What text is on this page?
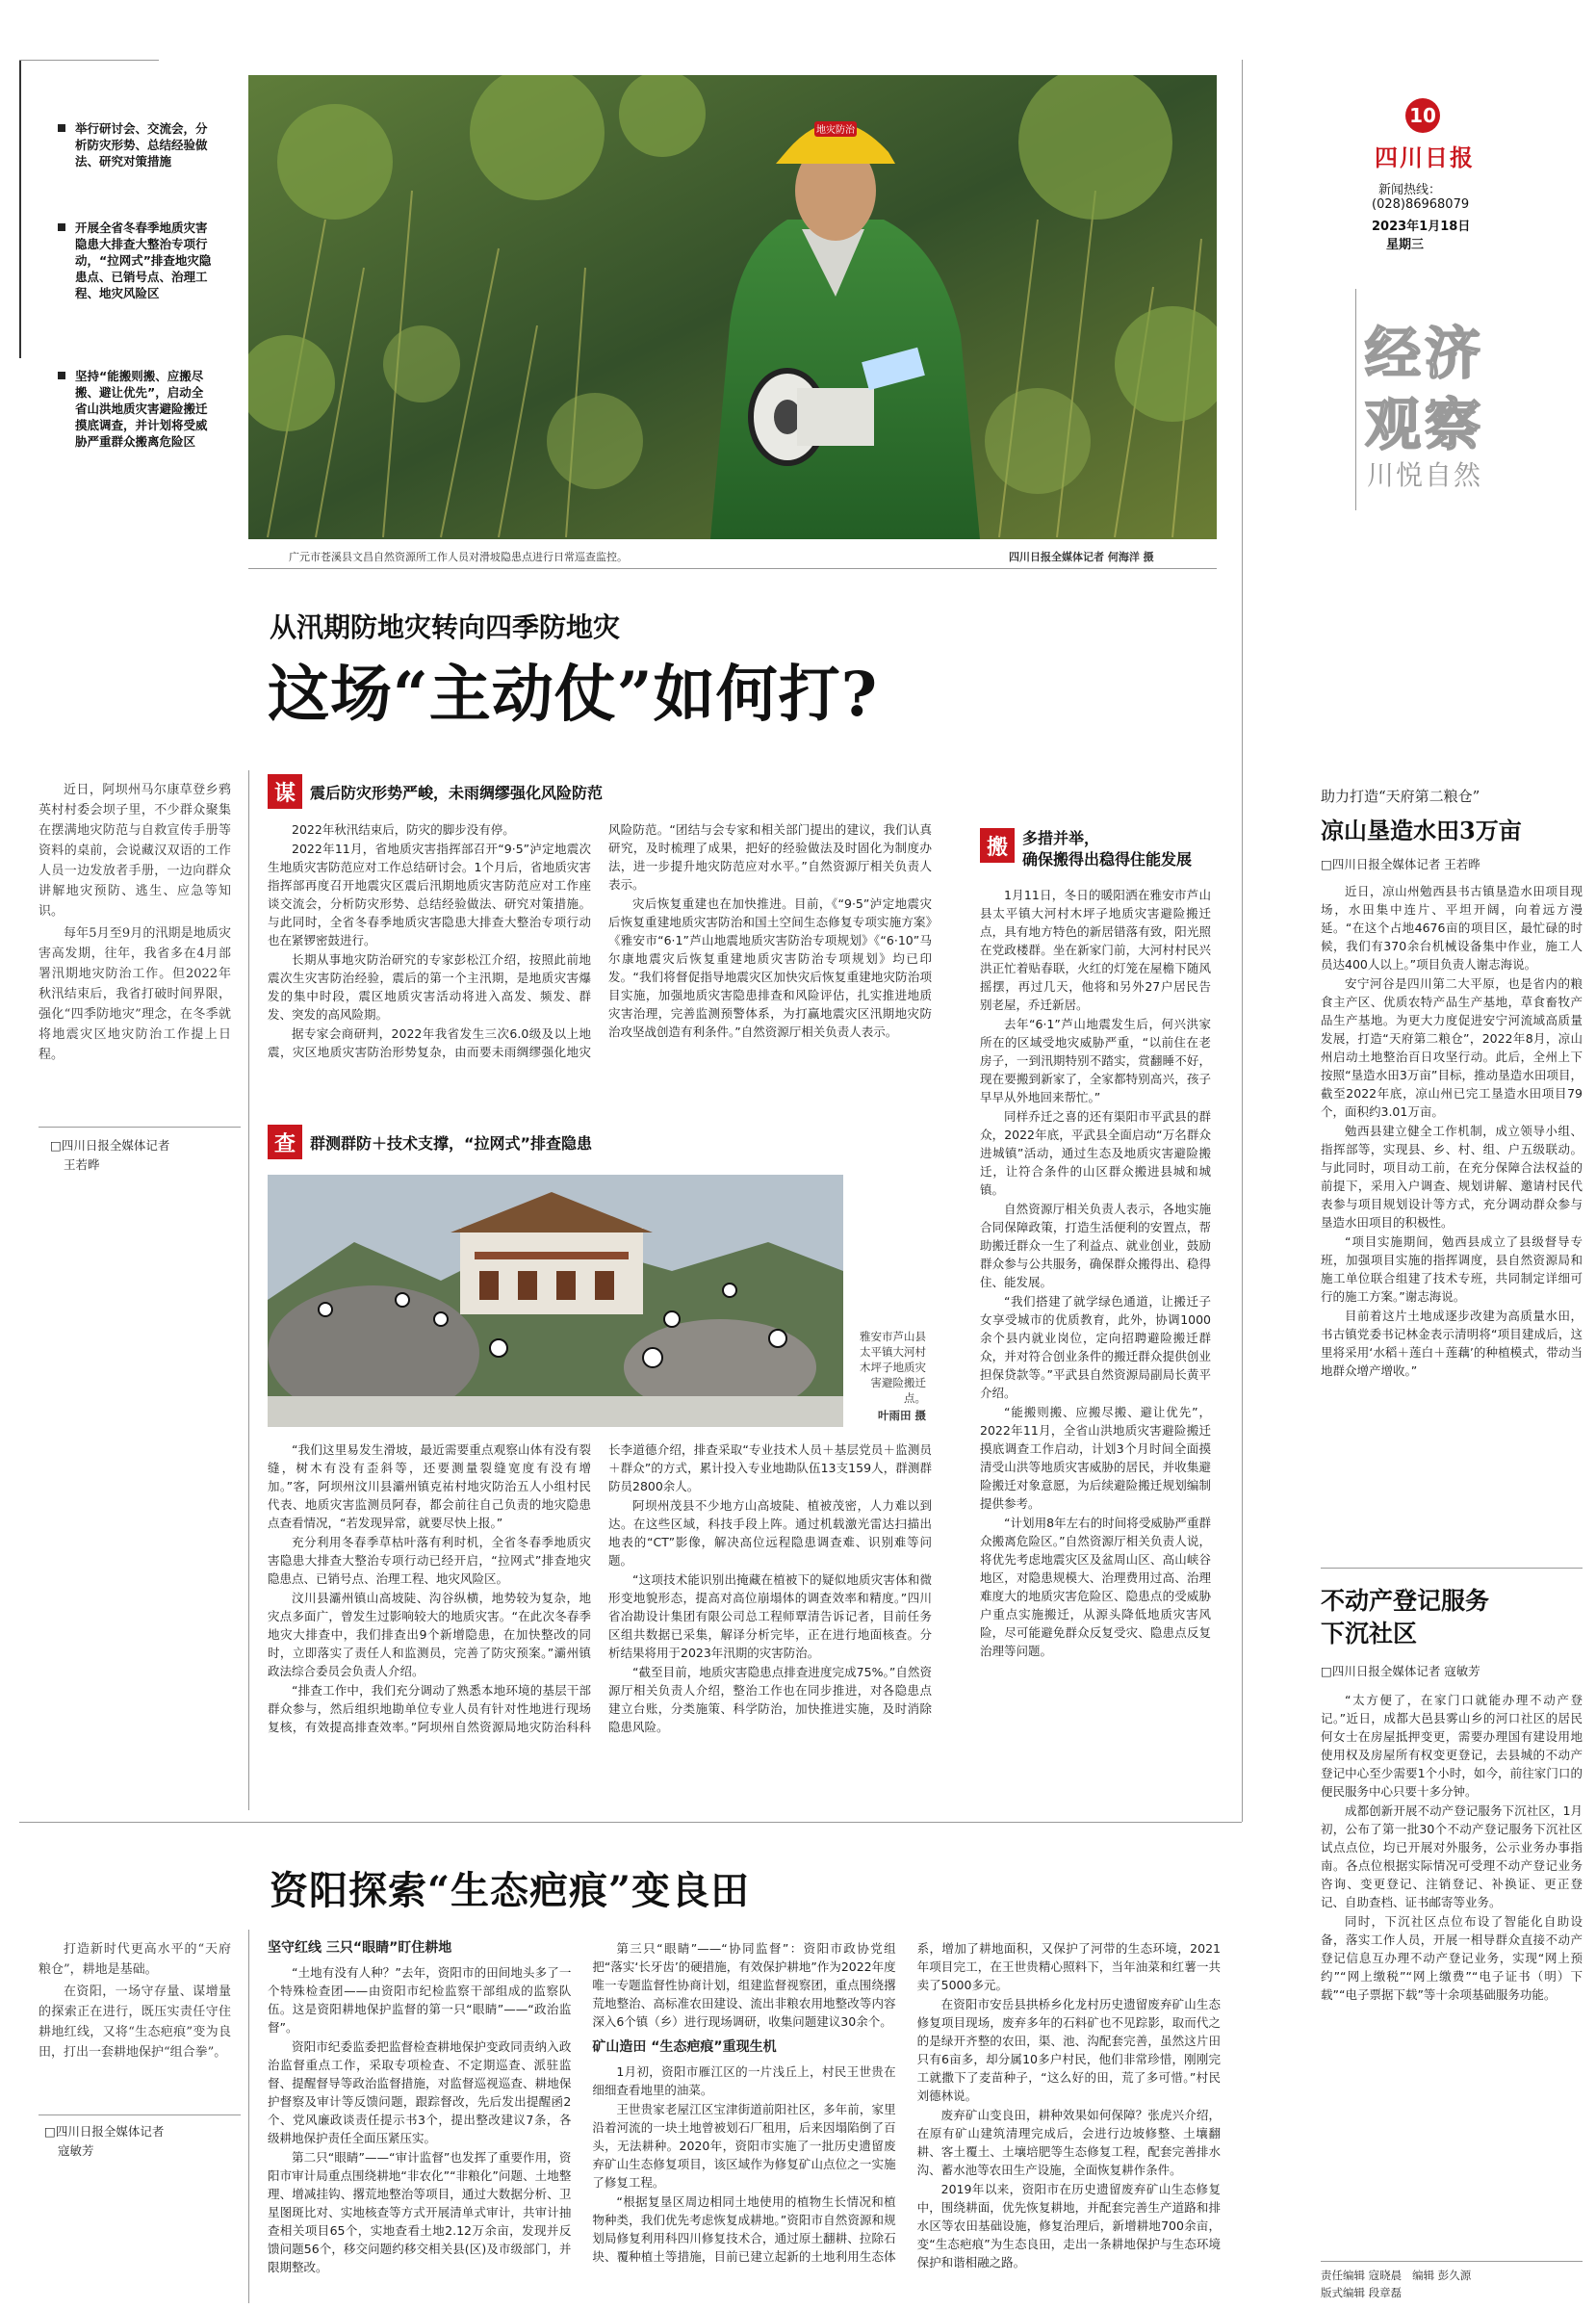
举行研讨会、交流会，分析防灾形势、总结经验做法、研究对策措施
开展全省冬春季地质灾害隐患大排查大整治专项行动，“拉网式”排查地灾隐患点、已销号点、治理工程、地灾风险区
坚持“能搬则搬、应搬尽搬、避让优先”，启动全省山洪地质灾害避险搬迁摸底调查，并计划将受威胁严重群众搬离危险区
地灾防治
广元市苍溪县文昌自然资源所工作人员对滑坡隐患点进行日常巡查监控。	四川日报全媒体记者 何海洋 摄
10
四川日报
新闻热线：
(028)86968079
2023年1月18日
星期三
经济
观察
川悦自然
从汛期防地灾转向四季防地灾
这场“主动仗”如何打?

近日，阿坝州马尔康草登乡鸦英村村委会坝子里，不少群众聚集在摆满地灾防范与自救宣传手册等资料的桌前，会说藏汉双语的工作人员一边发放者手册，一边向群众讲解地灾预防、逃生、应急等知识。

每年5月至9月的汛期是地质灾害高发期，往年，我省多在4月部署汛期地灾防治工作。但2022年秋汛结束后，我省打破时间界限，强化“四季防地灾”理念，在冬季就将地震灾区地灾防治工作提上日程。

□ 四川日报全媒体记者
王若晔
谋 震后防灾形势严峻，未雨绸缪强化风险防范

2022年秋汛结束后，防灾的脚步没有停。

2022年11月，省地质灾害指挥部召开“9·5”泸定地震次生地质灾害防范应对工作总结研讨会。1个月后，省地质灾害指挥部再度召开地震灾区震后汛期地质灾害防范应对工作座谈交流会，分析防灾形势、总结经验做法、研究对策措施。与此同时，全省冬春季地质灾害隐患大排查大整治专项行动也在紧锣密鼓进行。

长期从事地灾防治研究的专家彭松江介绍，按照此前地震次生灾害防治经验，震后的第一个主汛期，是地质灾害爆发的集中时段，震区地质灾害活动将进入高发、频发、群发、突发的高风险期。

据专家会商研判，2022年我省发生三次6.0级及以上地震，灾区地质灾害防治形势复杂，由而要未雨绸缪强化地灾风险防范。“团结与会专家和相关部门提出的建议，我们认真研究，及时梳理了成果，把好的经验做法及时固化为制度办法，进一步提升地灾防范应对水平。”自然资源厅相关负责人表示。

灾后恢复重建也在加快推进。目前，《“9·5”泸定地震灾后恢复重建地质灾害防治和国土空间生态修复专项实施方案》《雅安市“6·1”芦山地震地质灾害防治专项规划》《“6·10”马尔康地震灾后恢复重建地质灾害防治专项规划》均已印发。“我们将督促指导地震灾区加快灾后恢复重建地灾防治项目实施，加强地质灾害隐患排查和风险评估，扎实推进地质灾害治理，完善监测预警体系，为打赢地震灾区汛期地灾防治攻坚战创造有利条件。”自然资源厅相关负责人表示。

查 群测群防＋技术支撑，“拉网式”排查隐患
雅安市芦山县太平镇大河村木坪子地质灾害避险搬迁点。
叶雨田 摄

“我们这里易发生滑坡，最近需要重点观察山体有没有裂缝，树木有没有歪斜等，还要测量裂缝宽度有没有增加。”客，阿坝州汶川县灞州镇克祐村地灾防治五人小组村民代表、地质灾害监测员阿春，都会前往自己负责的地灾隐患点查看情况，“若发现异常，就要尽快上报。”

充分利用冬春季草枯叶落有利时机，全省冬春季地质灾害隐患大排查大整治专项行动已经开启，“拉网式”排查地灾隐患点、已销号点、治理工程、地灾风险区。

汶川县灞州镇山高坡陡、沟谷纵横，地势较为复杂，地灾点多面广，曾发生过影响较大的地质灾害。“在此次冬春季地灾大排查中，我们排查出9个新增隐患，在加快整改的同时，立即落实了责任人和监测员，完善了防灾预案。”灞州镇政法综合委员会负责人介绍。

“排查工作中，我们充分调动了熟悉本地环境的基层干部群众参与，然后组织地勘单位专业人员有针对性地进行现场复核，有效提高排查效率。”阿坝州自然资源局地灾防治科科长李道德介绍，排查采取“专业技术人员＋基层党员＋监测员＋群众”的方式，累计投入专业地勘队伍13支159人，群测群防员2800余人。

阿坝州茂县不少地方山高坡陡、植被茂密，人力难以到达。在这些区域，科技手段上阵。通过机载激光雷达扫描出地表的“CT”影像，解决高位远程隐患调查难、识别难等问题。

“这项技术能识别出掩藏在植被下的疑似地质灾害体和微形变地貌形态，提高对高位崩塌体的调查效率和精度。”四川省冶勘设计集团有限公司总工程师覃清告诉记者，目前任务区组共数据已采集，解译分析完毕，正在进行地面核查。分析结果将用于2023年汛期的灾害防治。

“截至目前，地质灾害隐患点排查进度完成75%。”自然资源厅相关负责人介绍，整治工作也在同步推进，对各隐患点建立台账，分类施策、科学防治，加快推进实施，及时消除隐患风险。

搬 多措并举，
确保搬得出稳得住能发展

1月11日，冬日的暖阳洒在雅安市芦山县太平镇大河村木坪子地质灾害避险搬迁点，具有地方特色的新居错落有致，阳光照在党政楼群。坐在新家门前，大河村村民兴洪正忙着贴春联，火红的灯笼在屋檐下随风摇摆，再过几天，他将和另外27户居民告别老屋，乔迁新居。

去年“6·1”芦山地震发生后，何兴洪家所在的区域受地灾威胁严重，“以前住在老房子，一到汛期特别不踏实，赏翻睡不好，现在要搬到新家了，全家都特别高兴，孩子早早从外地回来帮忙。”

同样乔迁之喜的还有渠阳市平武县的群众，2022年底，平武县全面启动“万名群众进城镇”活动，通过生态及地质灾害避险搬迁，让符合条件的山区群众搬进县城和城镇。

自然资源厅相关负责人表示，各地实施合同保障政策，打造生活便利的安置点，帮助搬迁群众一生了利益点、就业创业，鼓励群众参与公共服务，确保群众搬得出、稳得住、能发展。

“我们搭建了就学绿色通道，让搬迁子女享受城市的优质教育，此外，协调1000余个县内就业岗位，定向招聘避险搬迁群众，并对符合创业条件的搬迁群众提供创业担保贷款等。”平武县自然资源局副局长黄平介绍。

“能搬则搬、应搬尽搬、避让优先”，2022年11月，全省山洪地质灾害避险搬迁摸底调查工作启动，计划3个月时间全面摸清受山洪等地质灾害威胁的居民，并收集避险搬迁对象意愿，为后续避险搬迁规划编制提供参考。

“计划用8年左右的时间将受威胁严重群众搬离危险区。”自然资源厅相关负责人说，将优先考虑地震灾区及盆周山区、高山峡谷地区，对隐患规模大、治理费用过高、治理难度大的地质灾害危险区、隐患点的受威胁户重点实施搬迁，从源头降低地质灾害风险，尽可能避免群众反复受灾、隐患点反复治理等问题。

助力打造“天府第二粮仓”
凉山垦造水田3万亩
□ 四川日报全媒体记者 王若晔

近日，凉山州勉西县书古镇垦造水田项目现场，水田集中连片、平坦开阔，向着远方漫延。“在这个占地4676亩的项目区，最忙碌的时候，我们有370余台机械设备集中作业，施工人员达400人以上。”项目负责人谢志海说。

安宁河谷是四川第二大平原，也是省内的粮食主产区、优质农特产品生产基地，草食畜牧产品生产基地。为更大力度促进安宁河流域高质量发展，打造“天府第二粮仓”，2022年8月，凉山州启动土地整治百日攻坚行动。此后，全州上下按照“垦造水田3万亩”目标，推动垦造水田项目，截至2022年底，凉山州已完工垦造水田项目79个，面积约3.01万亩。

勉西县建立健全工作机制，成立领导小组、指挥部等，实现县、乡、村、组、户五级联动。与此同时，项目动工前，在充分保障合法权益的前提下，采用入户调查、规划讲解、邀请村民代表参与项目规划设计等方式，充分调动群众参与垦造水田项目的积极性。

“项目实施期间，勉西县成立了县级督导专班，加强项目实施的指挥调度，县自然资源局和施工单位联合组建了技术专班，共同制定详细可行的施工方案。”谢志海说。

目前着这片土地成逐步改建为高质量水田，书古镇党委书记林金表示清明将“项目建成后，这里将采用‘水稻＋莲白＋莲藕’的种植模式，带动当地群众增产增收。”

不动产登记服务
下沉社区
□ 四川日报全媒体记者 寇敏芳

“太方便了，在家门口就能办理不动产登记。”近日，成都大邑县雾山乡的河口社区的居民何女士在房屋抵押变更，需要办理国有建设用地使用权及房屋所有权变更登记，去县城的不动产登记中心至少需要1个小时，如今，前往家门口的便民服务中心只要十多分钟。

成都创新开展不动产登记服务下沉社区，1月初，公布了第一批30个不动产登记服务下沉社区试点点位，均已开展对外服务，公示业务办事指南。各点位根据实际情况可受理不动产登记业务咨询、变更登记、注销登记、补换证、更正登记、自助查档、证书邮寄等业务。

同时，下沉社区点位布设了智能化自助设备，落实工作人员，开展一相导群众直接不动产登记信息互办理不动产登记业务，实现“网上预约”“网上缴税”“网上缴费”“电子证书（明）下载”“电子票据下载”等十余项基础服务功能。

责任编辑 寇晓晨 编辑 彭久源
版式编辑 段章磊
资阳探索“生态疤痕”变良田

打造新时代更高水平的“天府粮仓”，耕地是基础。

在资阳，一场守存量、谋增量的探索正在进行，既压实责任守住耕地红线，又将“生态疤痕”变为良田，打出一套耕地保护“组合拳”。

□ 四川日报全媒体记者
寇敏芳
坚守红线 三只“眼睛”盯住耕地

“土地有没有人种？”去年，资阳市的田间地头多了一个特殊检查团——由资阳市纪检监察干部组成的监察队伍。这是资阳耕地保护监督的第一只“眼睛”——“政治监督”。

资阳市纪委监委把监督检查耕地保护变政同责纳入政治监督重点工作，采取专项检查、不定期巡查、派驻监督、提醒督导等政治监督措施，对监督巡视巡查、耕地保护督察及审计等反馈问题，跟踪督改，先后发出提醒函2个、党风廉政谈责任提示书3个，提出整改建议7条，各级耕地保护责任全面压紧压实。

第二只“眼睛”——“审计监督”也发挥了重要作用，资阳市审计局重点围绕耕地“非农化”“非粮化”问题、土地整理、增减挂钩、撂荒地整治等项目，通过大数据分析、卫星图斑比对、实地核查等方式开展清单式审计，共审计抽查相关项目65个，实地查看土地2.12万余亩，发现并反馈问题56个，移交问题约移交相关县(区)及市级部门，并限期整改。

第三只“眼睛”——“协同监督”：资阳市政协党组把“落实‘长牙齿’的硬措施，有效保护耕地”作为2022年度唯一专题监督性协商计划，组建监督视察团，重点围绕撂荒地整治、高标准农田建设、流出非粮农用地整改等内容深入6个镇（乡）进行现场调研，收集问题建议30余个。

矿山造田 “生态疤痕”重现生机

1月初，资阳市雁江区的一片浅丘上，村民王世贵在细细查看地里的油菜。

王世贵家老屋江区宝津街道前阳社区，多年前，家里沿着河流的一块土地曾被划石厂租用，后来因塌陷倒了百头，无法耕种。2020年，资阳市实施了一批历史遗留废弃矿山生态修复项目，该区域作为修复矿山点位之一实施了修复工程。

“根据复垦区周边相同土地使用的植物生长情况和植物种类，我们优先考虑恢复成耕地。”资阳市自然资源和规划局修复利用科四川修复技术合，通过原土翻耕、拉除石块、覆种植土等措施，目前已建立起新的土地利用生态体系，增加了耕地面积，又保护了河带的生态环境，2021年项目完工，在王世贵精心照料下，当年油菜和红薯一共卖了5000多元。

在资阳市安岳县拱桥乡化龙村历史遗留废弃矿山生态修复项目现场，废弃多年的石料矿也不见踪影，取而代之的是绿开齐整的农田，渠、池、沟配套完善，虽然这片田只有6亩多，却分属10多户村民，他们非常珍惜，刚刚完工就撒下了麦苗种子，“这么好的田，荒了多可惜。”村民刘德林说。

废弃矿山变良田，耕种效果如何保障？张虎兴介绍，在原有矿山建筑清理完成后，会进行边坡修整、土壤翻耕、客土覆土、土壤培肥等生态修复工程，配套完善排水沟、蓄水池等农田生产设施，全面恢复耕作条件。

2019年以来，资阳市在历史遗留废弃矿山生态修复中，围绕耕面，优先恢复耕地，并配套完善生产道路和排水区等农田基础设施，修复治理后，新增耕地700余亩，变“生态疤痕”为生态良田，走出一条耕地保护与生态环境保护和谐相融之路。
